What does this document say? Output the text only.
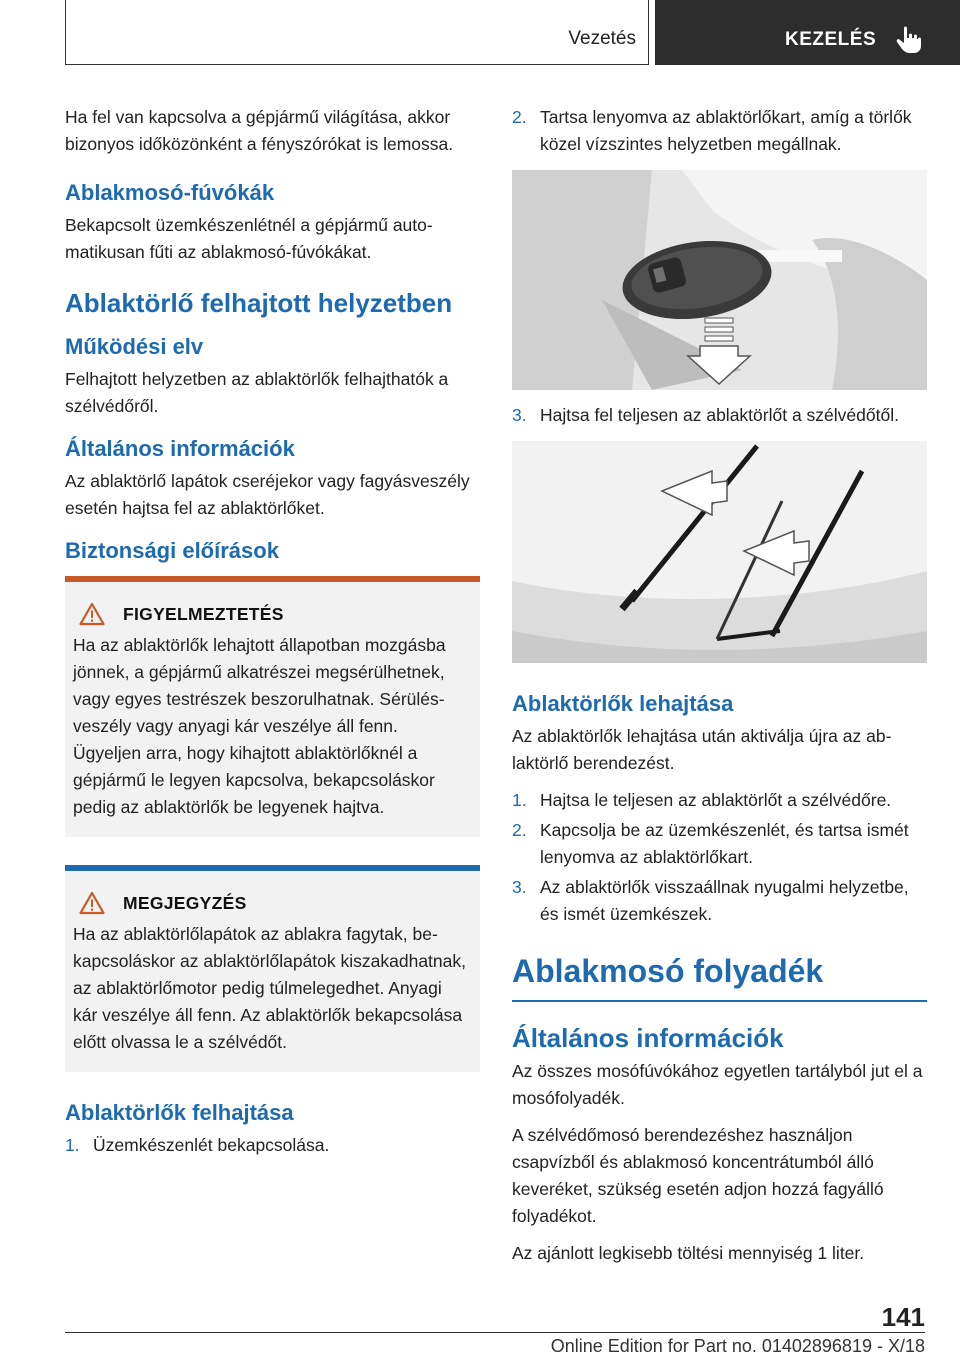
Vezetés	KEZELÉS

Ha fel van kapcsolva a gépjármű világítása, akkor bizonyos időközönként a fényszórókat is lemossa.

Ablakmosó-fúvókák

Bekapcsolt üzemkészenlétnél a gépjármű automatikusan fűti az ablakmosó-fúvókákat.

Ablaktörlő felhajtott helyzetben
Működési elv

Felhajtott helyzetben az ablaktörlők felhajthatók a szélvédőről.

Általános információk

Az ablaktörlő lapátok cseréjekor vagy fagyásveszély esetén hajtsa fel az ablaktörlőket.

Biztonsági előírások
FIGYELMEZTETÉS

Ha az ablaktörlők lehajtott állapotban mozgásba jönnek, a gépjármű alkatrészei megsérülhetnek, vagy egyes testrészek beszorulhatnak. Sérülésveszély vagy anyagi kár veszélye áll fenn. Ügyeljen arra, hogy kihajtott ablaktörlőknél a gépjármű le legyen kapcsolva, bekapcsoláskor pedig az ablaktörlők be legyenek hajtva.

MEGJEGYZÉS

Ha az ablaktörlőlapátok az ablakra fagytak, bekapcsoláskor az ablaktörlőlapátok kiszakadhatnak, az ablaktörlőmotor pedig túlmelegedhet. Anyagi kár veszélye áll fenn. Az ablaktörlők bekapcsolása előtt olvassa le a szélvédőt.

Ablaktörlők felhajtása
1. Üzemkészenlét bekapcsolása.
2. Tartsa lenyomva az ablaktörlőkart, amíg a törlők közel vízszintes helyzetben megállnak.
3. Hajtsa fel teljesen az ablaktörlőt a szélvédőtől.
Ablaktörlők lehajtása

Az ablaktörlők lehajtása után aktiválja újra az ablaktörlő berendezést.

1. Hajtsa le teljesen az ablaktörlőt a szélvédőre.
2. Kapcsolja be az üzemkészenlét, és tartsa ismét lenyomva az ablaktörlőkart.
3. Az ablaktörlők visszaállnak nyugalmi helyzetbe, és ismét üzemkészek.
Ablakmosó folyadék
Általános információk

Az összes mosófúvókához egyetlen tartályból jut el a mosófolyadék.

A szélvédőmosó berendezéshez használjon csapvízből és ablakmosó koncentrátumból álló keveréket, szükség esetén adjon hozzá fagyálló folyadékot.

Az ajánlott legkisebb töltési mennyiség 1 liter.

141
Online Edition for Part no. 01402896819 - X/18
